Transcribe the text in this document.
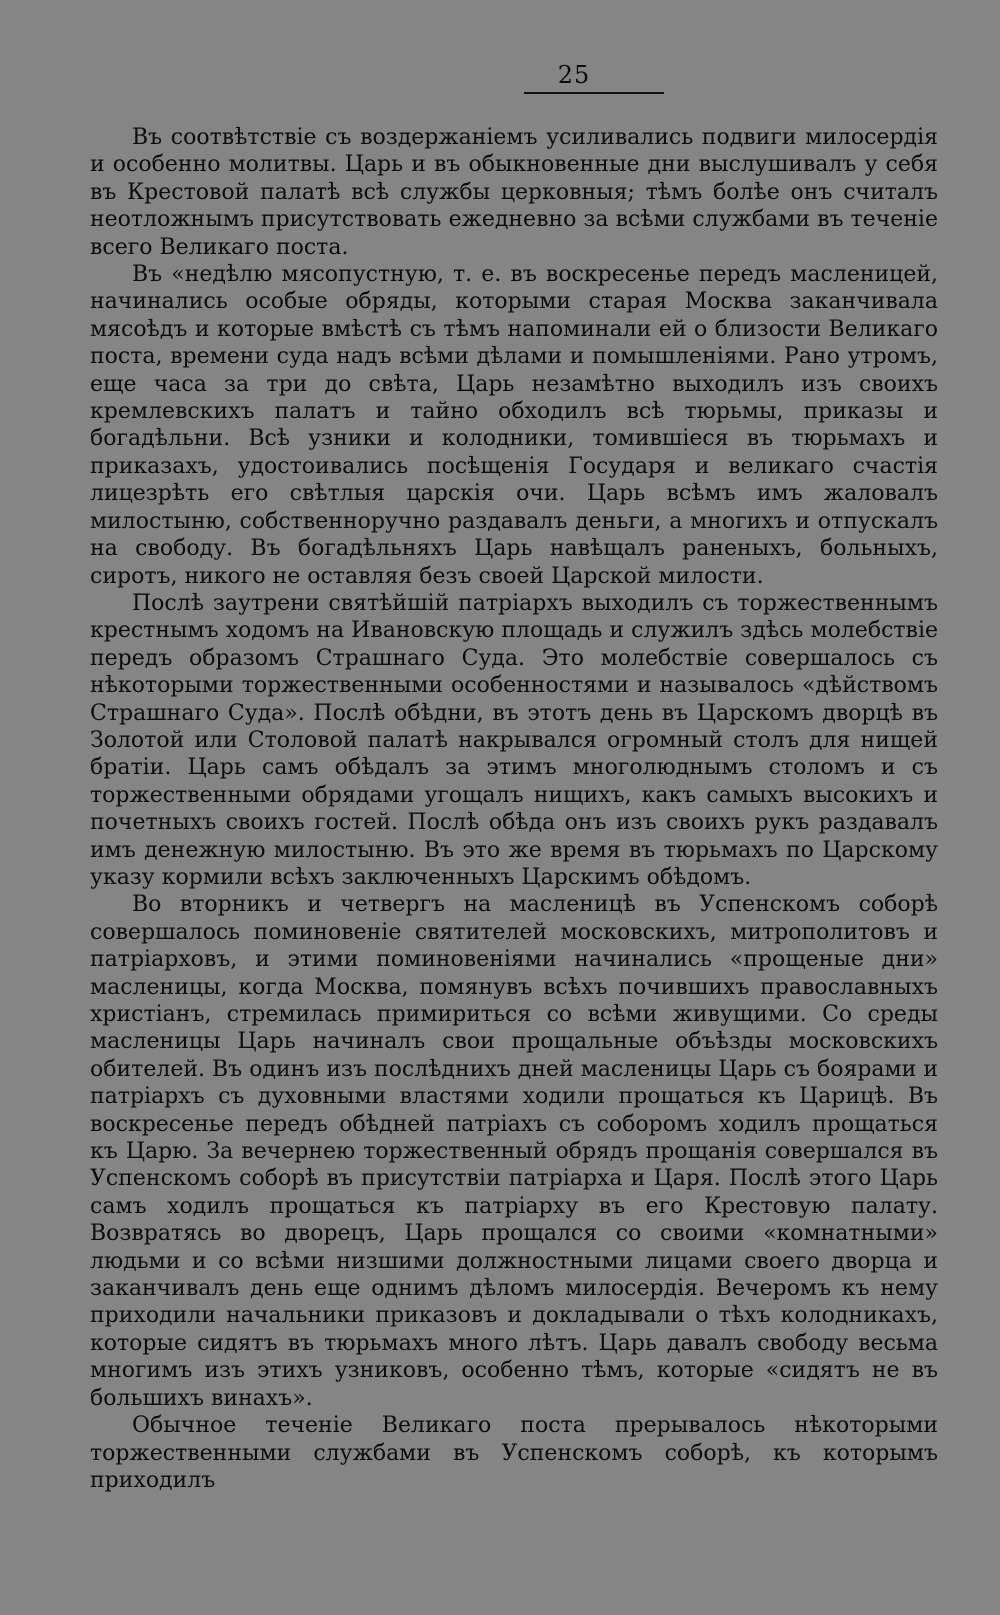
25

Въ соотвѣтствіе съ воздержаніемъ усиливались подвиги милосердія и особенно молитвы. Царь и въ обыкновенные дни выслушивалъ у себя въ Крестовой палатѣ всѣ службы церковныя; тѣмъ болѣе онъ считалъ неотложнымъ присутствовать ежедневно за всѣми службами въ теченіе всего Великаго поста.

Въ «недѣлю мясопустную, т. е. въ воскресенье передъ масленицей, начинались особые обряды, которыми старая Москва заканчивала мясоѣдъ и которые вмѣстѣ съ тѣмъ напоминали ей о близости Великаго поста, времени суда надъ всѣми дѣлами и помышленіями. Рано утромъ, еще часа за три до свѣта, Царь незамѣтно выходилъ изъ своихъ кремлевскихъ палатъ и тайно обходилъ всѣ тюрьмы, приказы и богадѣльни. Всѣ узники и колодники, томившіеся въ тюрьмахъ и приказахъ, удостоивались посѣщенія Государя и великаго счастія лицезрѣть его свѣтлыя царскія очи. Царь всѣмъ имъ жаловалъ милостыню, собственноручно раздавалъ деньги, а многихъ и отпускалъ на свободу. Въ богадѣльняхъ Царь навѣщалъ раненыхъ, больныхъ, сиротъ, никого не оставляя безъ своей Царской милости.

Послѣ заутрени святѣйшій патріархъ выходилъ съ торжественнымъ крестнымъ ходомъ на Ивановскую площадь и служилъ здѣсь молебствіе передъ образомъ Страшнаго Суда. Это молебствіе совершалось съ нѣкоторыми торжественными особенностями и называлось «дѣйствомъ Страшнаго Суда». Послѣ обѣдни, въ этотъ день въ Царскомъ дворцѣ въ Золотой или Столовой палатѣ накрывался огромный столъ для нищей братіи. Царь самъ обѣдалъ за этимъ многолюднымъ столомъ и съ торжественными обрядами угощалъ нищихъ, какъ самыхъ высокихъ и почетныхъ своихъ гостей. Послѣ обѣда онъ изъ своихъ рукъ раздавалъ имъ денежную милостыню. Въ это же время въ тюрьмахъ по Царскому указу кормили всѣхъ заключенныхъ Царскимъ обѣдомъ.

Во вторникъ и четвергъ на масленицѣ въ Успенскомъ соборѣ совершалось поминовеніе святителей московскихъ, митрополитовъ и патріарховъ, и этими поминовеніями начинались «прощеные дни» масленицы, когда Москва, помянувъ всѣхъ почившихъ православныхъ христіанъ, стремилась примириться со всѣми живущими. Со среды масленицы Царь начиналъ свои прощальные объѣзды московскихъ обителей. Въ одинъ изъ послѣднихъ дней масленицы Царь съ боярами и патріархъ съ духовными властями ходили прощаться къ Царицѣ. Въ воскресенье передъ обѣдней патріахъ съ соборомъ ходилъ прощаться къ Царю. За вечернею торжественный обрядъ прощанія совершался въ Успенскомъ соборѣ въ присутствіи патріарха и Царя. Послѣ этого Царь самъ ходилъ прощаться къ патріарху въ его Крестовую палату. Возвратясь во дворецъ, Царь прощался со своими «комнатными» людьми и со всѣми низшими должностными лицами своего дворца и заканчивалъ день еще однимъ дѣломъ милосердія. Вечеромъ къ нему приходили начальники приказовъ и докладывали о тѣхъ колодникахъ, которые сидятъ въ тюрьмахъ много лѣтъ. Царь давалъ свободу весьма многимъ изъ этихъ узниковъ, особенно тѣмъ, которые «сидятъ не въ большихъ винахъ».

Обычное теченіе Великаго поста прерывалось нѣкоторыми торжественными службами въ Успенскомъ соборѣ, къ которымъ приходилъ
